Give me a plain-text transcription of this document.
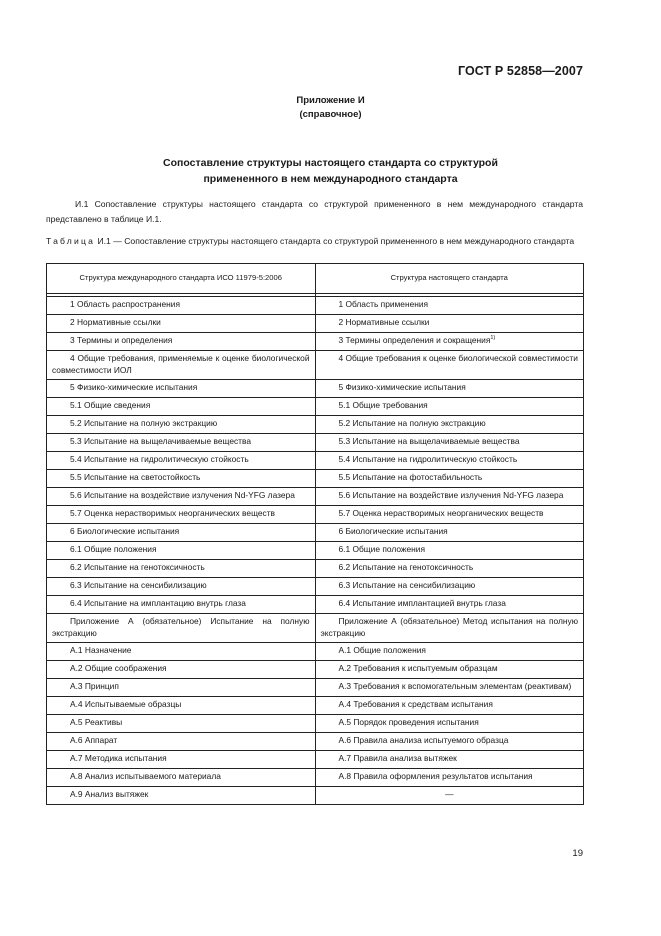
ГОСТ Р 52858—2007
Приложение И
(справочное)
Сопоставление структуры настоящего стандарта со структурой
примененного в нем международного стандарта
И.1 Сопоставление структуры настоящего стандарта со структурой примененного в нем международного стандарта представлено в таблице И.1.
Таблица И.1 — Сопоставление структуры настоящего стандарта со структурой примененного в нем международного стандарта
Структура международного стандарта ИСО 11979-5:2006	Структура настоящего стандарта

1 Область распространения	1 Область применения

2 Нормативные ссылки	2 Нормативные ссылки

3 Термины и определения	3 Термины определения и сокращения$^{1)}$

4 Общие требования, применяемые к оценке биологической совместимости ИОЛ	4 Общие требования к оценке биологической совместимости

5 Физико-химические испытания	5 Физико-химические испытания

5.1 Общие сведения	5.1 Общие требования

5.2 Испытание на полную экстракцию	5.2 Испытание на полную экстракцию

5.3 Испытание на выщелачиваемые вещества	5.3 Испытание на выщелачиваемые вещества

5.4 Испытание на гидролитическую стойкость	5.4 Испытание на гидролитическую стойкость

5.5 Испытание на светостойкость	5.5 Испытание на фотостабильность

5.6 Испытание на воздействие излучения Nd-YFG лазера	5.6 Испытание на воздействие излучения Nd-YFG лазера

5.7 Оценка нерастворимых неорганических веществ	5.7 Оценка нерастворимых неорганических веществ

6 Биологические испытания	6 Биологические испытания

6.1 Общие положения	6.1 Общие положения

6.2 Испытание на генотоксичность	6.2 Испытание на генотоксичность

6.3 Испытание на сенсибилизацию	6.3 Испытание на сенсибилизацию

6.4 Испытание на имплантацию внутрь глаза	6.4 Испытание имплантацией внутрь глаза

Приложение А (обязательное) Испытание на полную экстракцию	Приложение А (обязательное) Метод испытания на полную экстракцию

А.1 Назначение	А.1 Общие положения

А.2 Общие соображения	А.2 Требования к испытуемым образцам

А.3 Принцип	А.3 Требования к вспомогательным элементам (реактивам)

А.4 Испытываемые образцы	А.4 Требования к средствам испытания

А.5 Реактивы	А.5 Порядок проведения испытания

А.6 Аппарат	А.6 Правила анализа испытуемого образца

А.7 Методика испытания	А.7 Правила анализа вытяжек

А.8 Анализ испытываемого материала	А.8 Правила оформления результатов испытания

А.9 Анализ вытяжек	—
19
